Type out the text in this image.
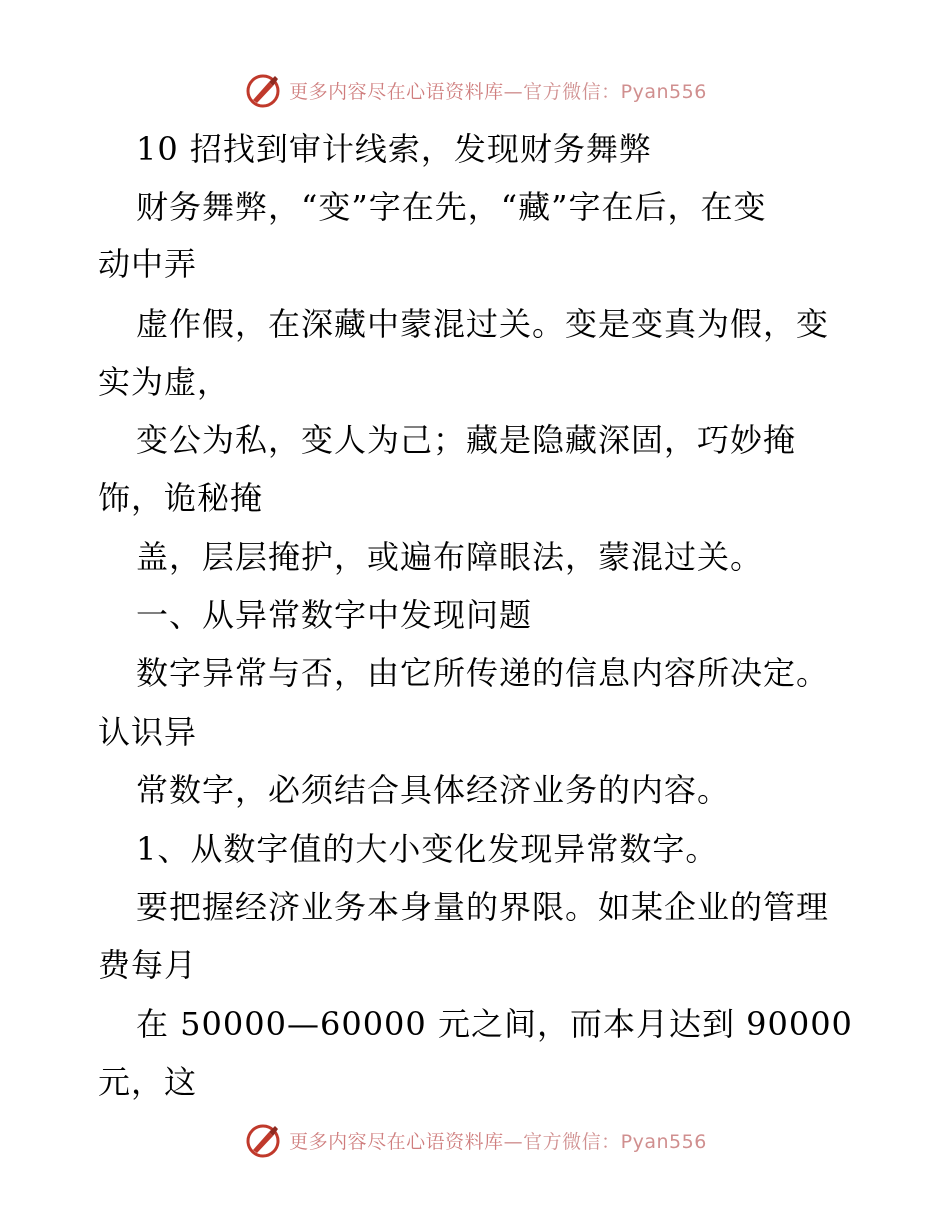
更多内容尽在心语资料库—官方微信：Pyan556
10 招找到审计线索，发现财务舞弊
财务舞弊，“变”字在先，“藏”字在后，在变
动中弄
虚作假，在深藏中蒙混过关。变是变真为假，变
实为虚，
变公为私，变人为己；藏是隐藏深固，巧妙掩
饰，诡秘掩
盖，层层掩护，或遍布障眼法，蒙混过关。
一、从异常数字中发现问题
数字异常与否，由它所传递的信息内容所决定。
认识异
常数字，必须结合具体经济业务的内容。
1、从数字值的大小变化发现异常数字。
要把握经济业务本身量的界限。如某企业的管理
费每月
在 50000—60000 元之间，而本月达到 90000
元，这
更多内容尽在心语资料库—官方微信：Pyan556
